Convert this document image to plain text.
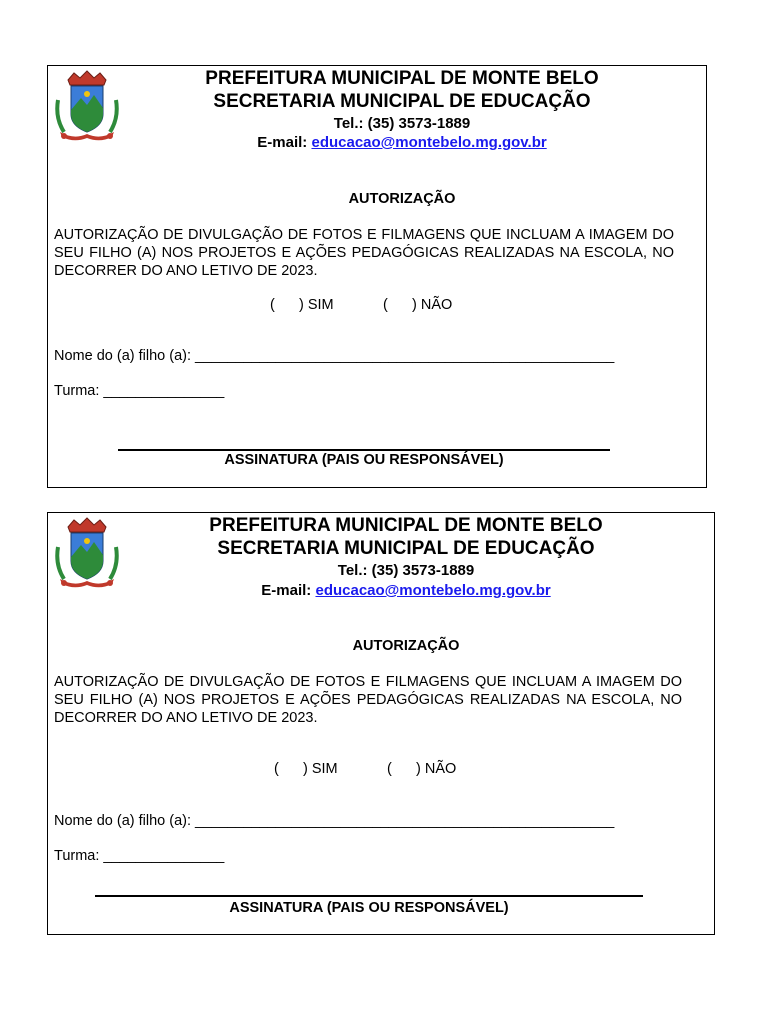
PREFEITURA MUNICIPAL DE MONTE BELO
SECRETARIA MUNICIPAL DE EDUCAÇÃO
Tel.: (35) 3573-1889
E-mail: educacao@montebelo.mg.gov.br
AUTORIZAÇÃO
AUTORIZAÇÃO DE DIVULGAÇÃO DE FOTOS E FILMAGENS QUE INCLUAM A IMAGEM DO SEU FILHO (A) NOS PROJETOS E AÇÕES PEDAGÓGICAS REALIZADAS NA ESCOLA, NO DECORRER DO ANO LETIVO DE 2023.
(      ) SIM	(      ) NÃO
Nome do (a) filho (a): ____________________________________________________
Turma: _______________
ASSINATURA (PAIS OU RESPONSÁVEL)
PREFEITURA MUNICIPAL DE MONTE BELO
SECRETARIA MUNICIPAL DE EDUCAÇÃO
Tel.: (35) 3573-1889
E-mail: educacao@montebelo.mg.gov.br
AUTORIZAÇÃO
AUTORIZAÇÃO DE DIVULGAÇÃO DE FOTOS E FILMAGENS QUE INCLUAM A IMAGEM DO SEU FILHO (A) NOS PROJETOS E AÇÕES PEDAGÓGICAS REALIZADAS NA ESCOLA, NO DECORRER DO ANO LETIVO DE 2023.
(      ) SIM	(      ) NÃO
Nome do (a) filho (a): ____________________________________________________
Turma: _______________
ASSINATURA (PAIS OU RESPONSÁVEL)
